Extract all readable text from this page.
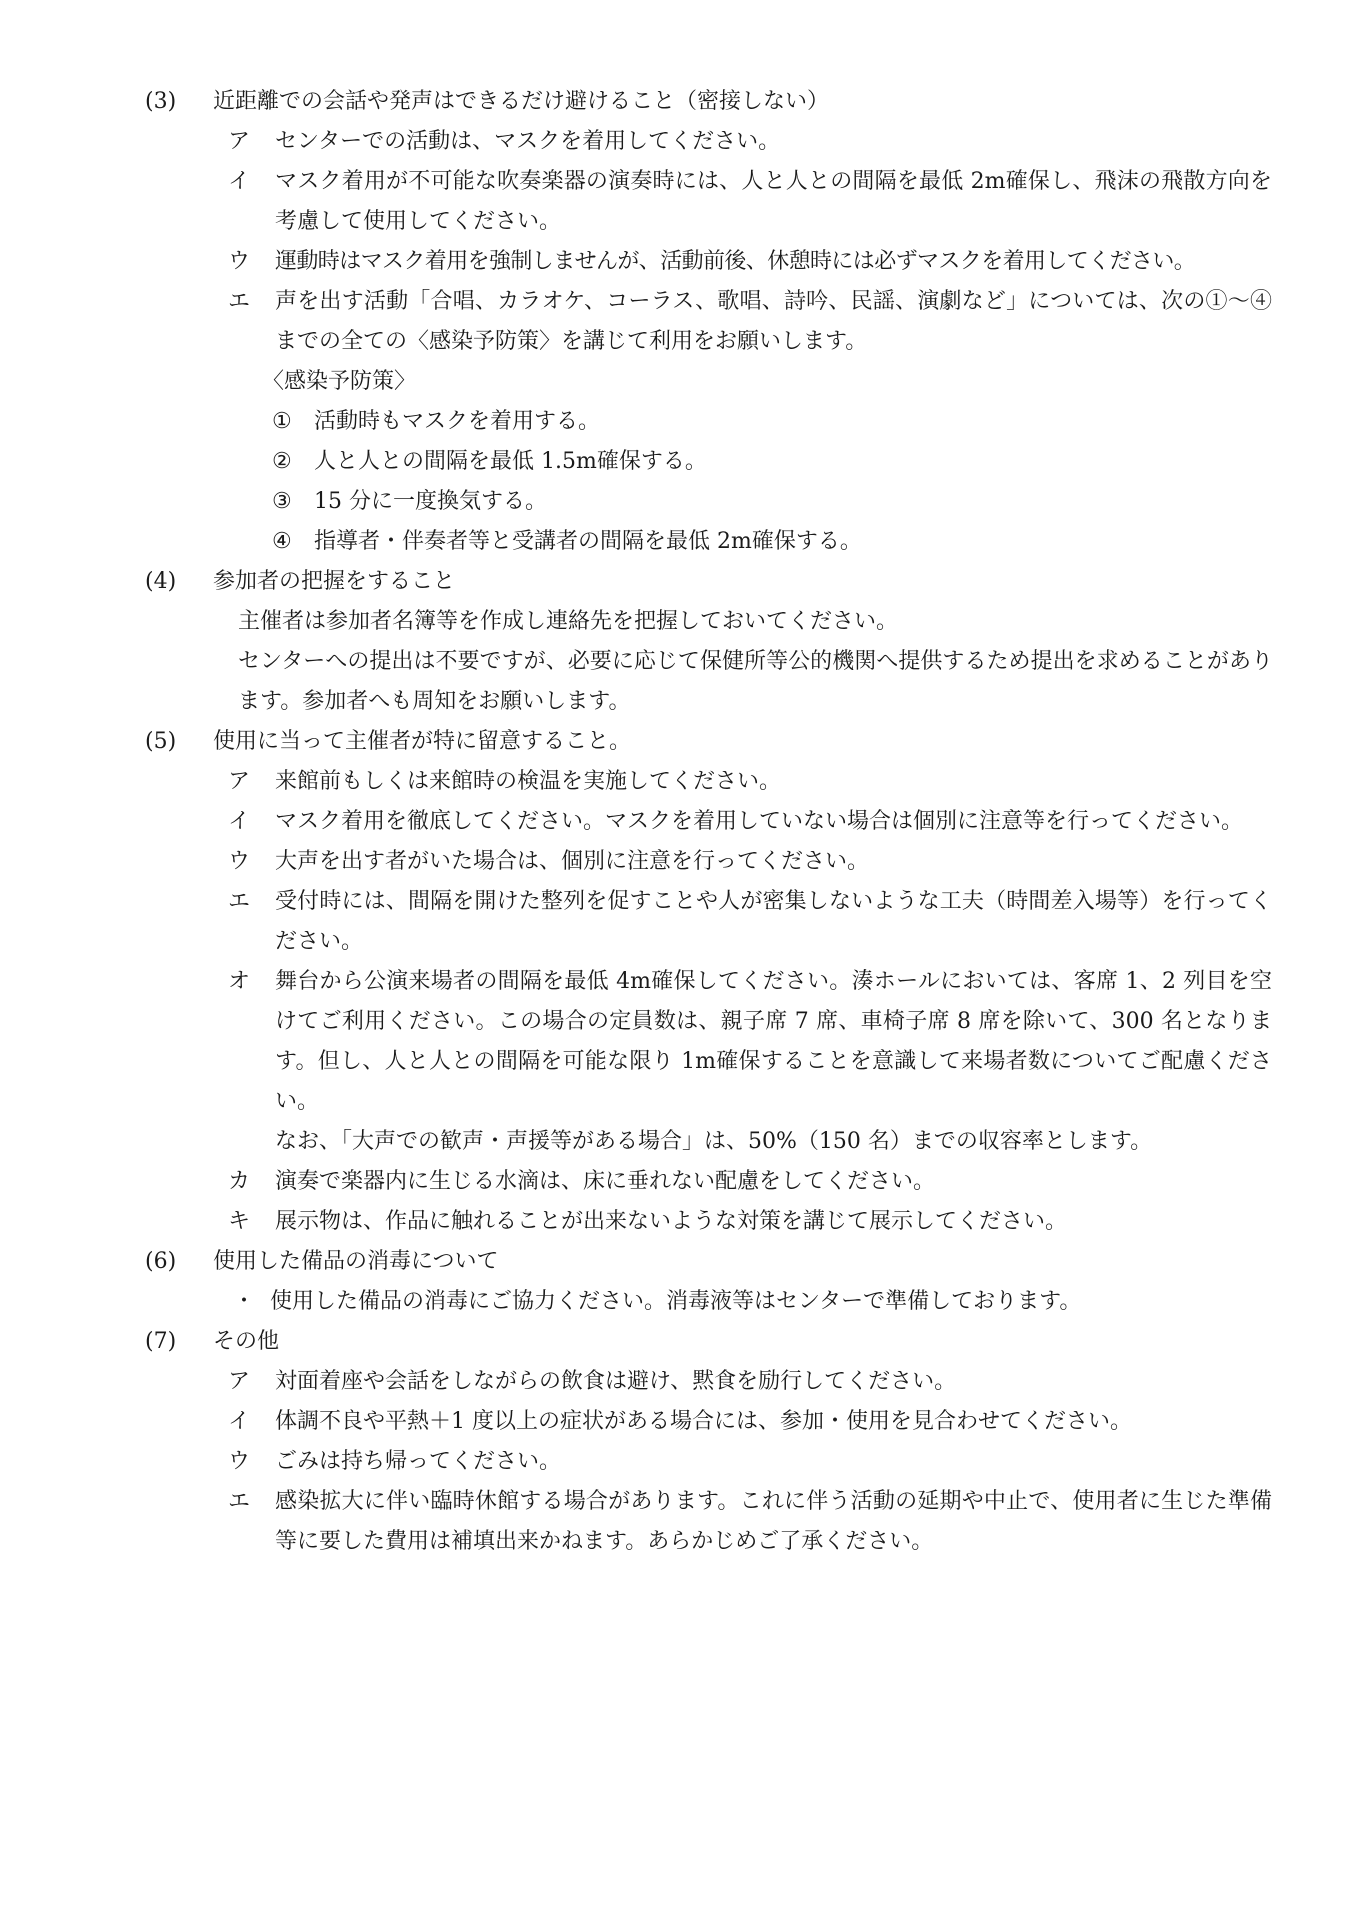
(3) 近距離での会話や発声はできるだけ避けること（密接しない）
ア	センターでの活動は、マスクを着用してください。
イ	マスク着用が不可能な吹奏楽器の演奏時には、人と人との間隔を最低 2m確保し、飛沫の飛散方向を考慮して使用してください。
ウ	運動時はマスク着用を強制しませんが、活動前後、休憩時には必ずマスクを着用してください。
エ	声を出す活動「合唱、カラオケ、コーラス、歌唱、詩吟、民謡、演劇など」については、次の①～④までの全ての〈感染予防策〉を講じて利用をお願いします。
〈感染予防策〉
①	活動時もマスクを着用する。
②	人と人との間隔を最低 1.5m確保する。
③	15 分に一度換気する。
④	指導者・伴奏者等と受講者の間隔を最低 2m確保する。
(4) 参加者の把握をすること
主催者は参加者名簿等を作成し連絡先を把握しておいてください。
センターへの提出は不要ですが、必要に応じて保健所等公的機関へ提供するため提出を求めることがあります。参加者へも周知をお願いします。
(5) 使用に当って主催者が特に留意すること。
ア	来館前もしくは来館時の検温を実施してください。
イ	マスク着用を徹底してください。マスクを着用していない場合は個別に注意等を行ってください。
ウ	大声を出す者がいた場合は、個別に注意を行ってください。
エ	受付時には、間隔を開けた整列を促すことや人が密集しないような工夫（時間差入場等）を行ってください。
オ	舞台から公演来場者の間隔を最低 4m確保してください。湊ホールにおいては、客席 1、2 列目を空けてご利用ください。この場合の定員数は、親子席 7 席、車椅子席 8 席を除いて、300 名となります。但し、人と人との間隔を可能な限り 1m確保することを意識して来場者数についてご配慮ください。
なお、「大声での歓声・声援等がある場合」は、50%（150 名）までの収容率とします。
カ	演奏で楽器内に生じる水滴は、床に垂れない配慮をしてください。
キ	展示物は、作品に触れることが出来ないような対策を講じて展示してください。
(6) 使用した備品の消毒について
・ 使用した備品の消毒にご協力ください。消毒液等はセンターで準備しております。
(7) その他
ア	対面着座や会話をしながらの飲食は避け、黙食を励行してください。
イ	体調不良や平熱＋1 度以上の症状がある場合には、参加・使用を見合わせてください。
ウ	ごみは持ち帰ってください。
エ	感染拡大に伴い臨時休館する場合があります。これに伴う活動の延期や中止で、使用者に生じた準備等に要した費用は補填出来かねます。あらかじめご了承ください。
